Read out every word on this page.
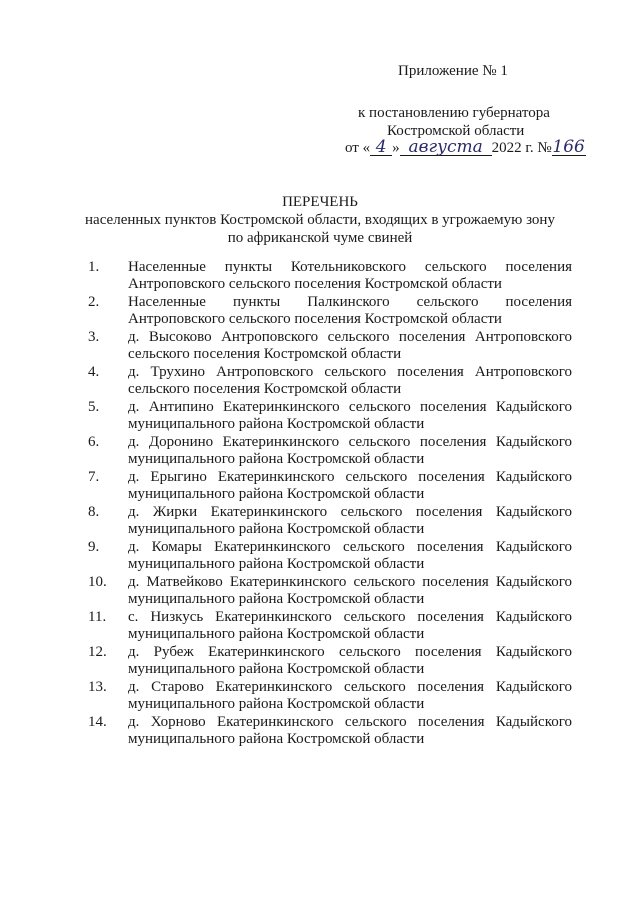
Приложение № 1
к постановлению губернатора
Костромской области
от « 4 » августа 2022 г. №166
ПЕРЕЧЕНЬ
населенных пунктов Костромской области, входящих в угрожаемую зону
по африканской чуме свиней
1.	Населенные пункты Котельниковского сельского поселения Антроповского сельского поселения Костромской области
2.	Населенные пункты Палкинского сельского поселения Антроповского сельского поселения Костромской области
3.	д. Высоково Антроповского сельского поселения Антроповского сельского поселения Костромской области
4.	д. Трухино Антроповского сельского поселения Антроповского сельского поселения Костромской области
5.	д. Антипино Екатеринкинского сельского поселения Кадыйского муниципального района Костромской области
6.	д. Доронино Екатеринкинского сельского поселения Кадыйского муниципального района Костромской области
7.	д. Ерыгино Екатеринкинского сельского поселения Кадыйского муниципального района Костромской области
8.	д. Жирки Екатеринкинского сельского поселения Кадыйского муниципального района Костромской области
9.	д. Комары Екатеринкинского сельского поселения Кадыйского муниципального района Костромской области
10.	д. Матвейково Екатеринкинского сельского поселения Кадыйского муниципального района Костромской области
11.	с. Низкусь Екатеринкинского сельского поселения Кадыйского муниципального района Костромской области
12.	д. Рубеж Екатеринкинского сельского поселения Кадыйского муниципального района Костромской области
13.	д. Старово Екатеринкинского сельского поселения Кадыйского муниципального района Костромской области
14.	д. Хорново Екатеринкинского сельского поселения Кадыйского муниципального района Костромской области
